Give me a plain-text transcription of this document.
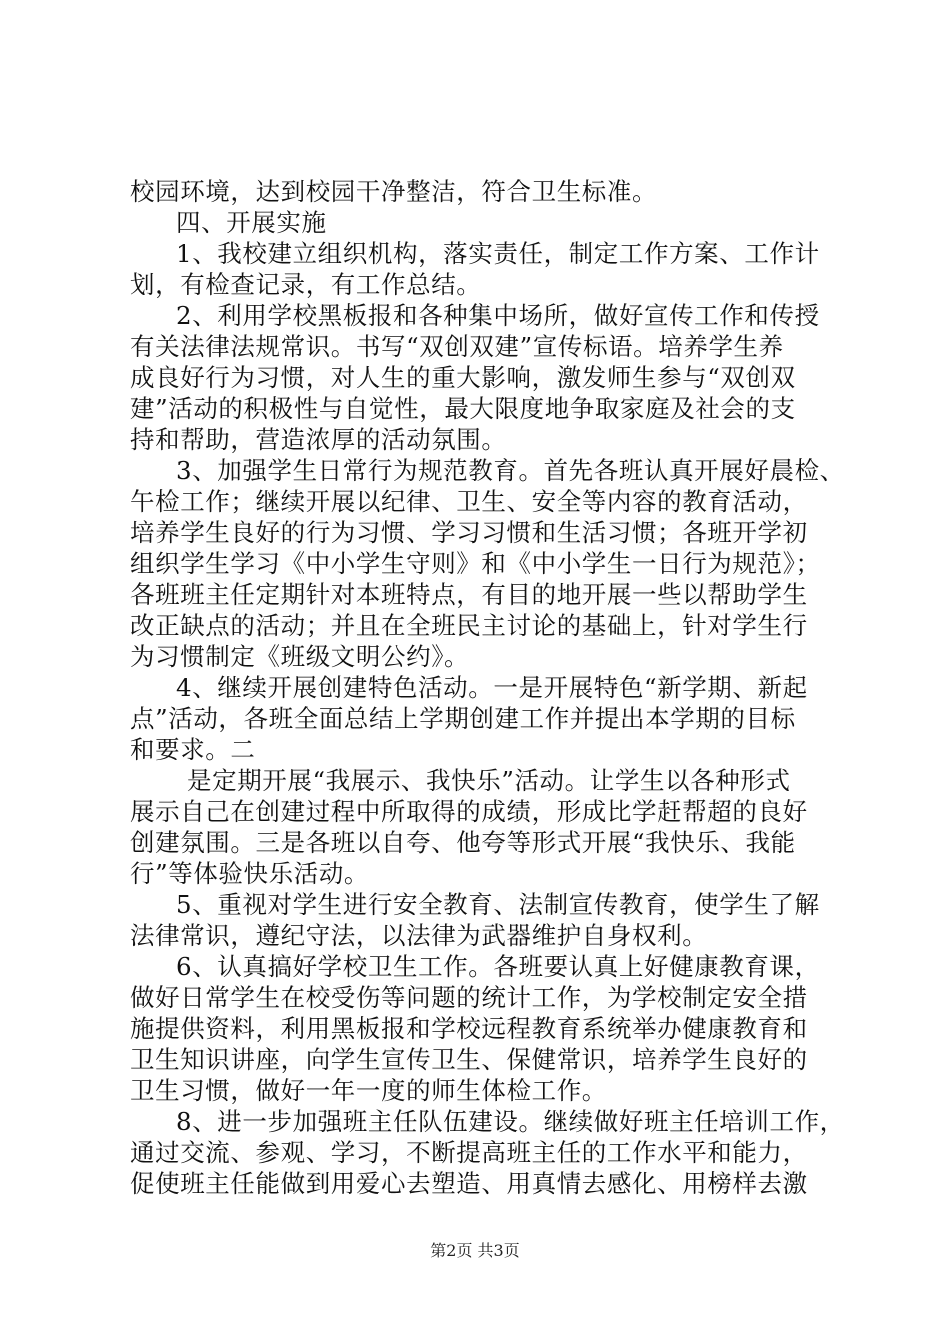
校园环境，达到校园干净整洁，符合卫生标准。
四、开展实施
1、我校建立组织机构，落实责任，制定工作方案、工作计
划，有检查记录，有工作总结。
2、利用学校黑板报和各种集中场所，做好宣传工作和传授
有关法律法规常识。书写“双创双建”宣传标语。培养学生养
成良好行为习惯，对人生的重大影响，激发师生参与“双创双
建”活动的积极性与自觉性，最大限度地争取家庭及社会的支
持和帮助，营造浓厚的活动氛围。
3、加强学生日常行为规范教育。首先各班认真开展好晨检、
午检工作；继续开展以纪律、卫生、安全等内容的教育活动，
培养学生良好的行为习惯、学习习惯和生活习惯；各班开学初
组织学生学习《中小学生守则》和《中小学生一日行为规范》；
各班班主任定期针对本班特点，有目的地开展一些以帮助学生
改正缺点的活动；并且在全班民主讨论的基础上，针对学生行
为习惯制定《班级文明公约》。
4、继续开展创建特色活动。一是开展特色“新学期、新起
点”活动，各班全面总结上学期创建工作并提出本学期的目标
和要求。二
是定期开展“我展示、我快乐”活动。让学生以各种形式
展示自己在创建过程中所取得的成绩，形成比学赶帮超的良好
创建氛围。三是各班以自夸、他夸等形式开展“我快乐、我能
行”等体验快乐活动。
5、重视对学生进行安全教育、法制宣传教育，使学生了解
法律常识，遵纪守法，以法律为武器维护自身权利。
6、认真搞好学校卫生工作。各班要认真上好健康教育课，
做好日常学生在校受伤等问题的统计工作，为学校制定安全措
施提供资料，利用黑板报和学校远程教育系统举办健康教育和
卫生知识讲座，向学生宣传卫生、保健常识，培养学生良好的
卫生习惯，做好一年一度的师生体检工作。
8、进一步加强班主任队伍建设。继续做好班主任培训工作，
通过交流、参观、学习，不断提高班主任的工作水平和能力，
促使班主任能做到用爱心去塑造、用真情去感化、用榜样去激
第2页 共3页
